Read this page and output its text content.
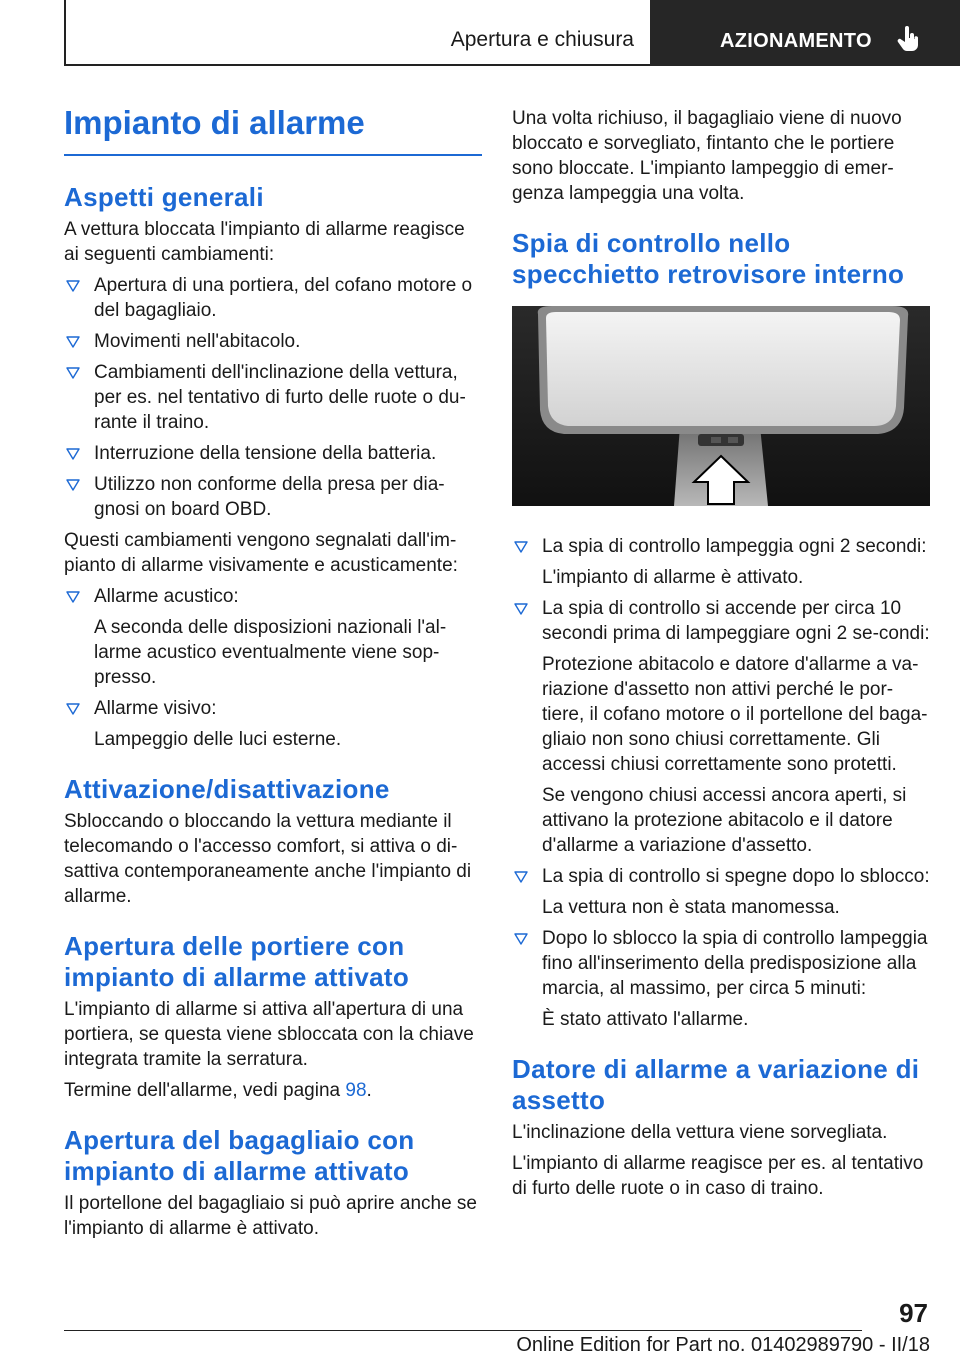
Apertura e chiusura	AZIONAMENTO
Impianto di allarme
Aspetti generali

A vettura bloccata l'impianto di allarme reagisce ai seguenti cambiamenti:

Apertura di una portiera, del cofano motore o del bagagliaio.
Movimenti nell'abitacolo.
Cambiamenti dell'inclinazione della vettura, per es. nel tentativo di furto delle ruote o du-rante il traino.
Interruzione della tensione della batteria.
Utilizzo non conforme della presa per dia-gnosi on board OBD.

Questi cambiamenti vengono segnalati dall'im-pianto di allarme visivamente e acusticamente:

Allarme acustico:
A seconda delle disposizioni nazionali l'al-larme acustico eventualmente viene sop-presso.
Allarme visivo:
Lampeggio delle luci esterne.
Attivazione/disattivazione

Sbloccando o bloccando la vettura mediante il telecomando o l'accesso comfort, si attiva o di-sattiva contemporaneamente anche l'impianto di allarme.

Apertura delle portiere con impianto di allarme attivato

L'impianto di allarme si attiva all'apertura di una portiera, se questa viene sbloccata con la chiave integrata tramite la serratura.

Termine dell'allarme, vedi pagina 98.

Apertura del bagagliaio con impianto di allarme attivato

Il portellone del bagagliaio si può aprire anche se l'impianto di allarme è attivato.

Una volta richiuso, il bagagliaio viene di nuovo bloccato e sorvegliato, fintanto che le portiere sono bloccate. L'impianto lampeggio di emer-genza lampeggia una volta.

Spia di controllo nello specchietto retrovisore interno
La spia di controllo lampeggia ogni 2 secondi:
L'impianto di allarme è attivato.
La spia di controllo si accende per circa 10 secondi prima di lampeggiare ogni 2 se-condi:
Protezione abitacolo e datore d'allarme a va-riazione d'assetto non attivi perché le por-tiere, il cofano motore o il portellone del baga-gliaio non sono chiusi correttamente. Gli accessi chiusi correttamente sono protetti.
Se vengono chiusi accessi ancora aperti, si attivano la protezione abitacolo e il datore d'allarme a variazione d'assetto.
La spia di controllo si spegne dopo lo sblocco:
La vettura non è stata manomessa.
Dopo lo sblocco la spia di controllo lampeggia fino all'inserimento della predisposizione alla marcia, al massimo, per circa 5 minuti:
È stato attivato l'allarme.
Datore di allarme a variazione di assetto

L'inclinazione della vettura viene sorvegliata.

L'impianto di allarme reagisce per es. al tentativo di furto delle ruote o in caso di traino.

97
Online Edition for Part no. 01402989790 - II/18
